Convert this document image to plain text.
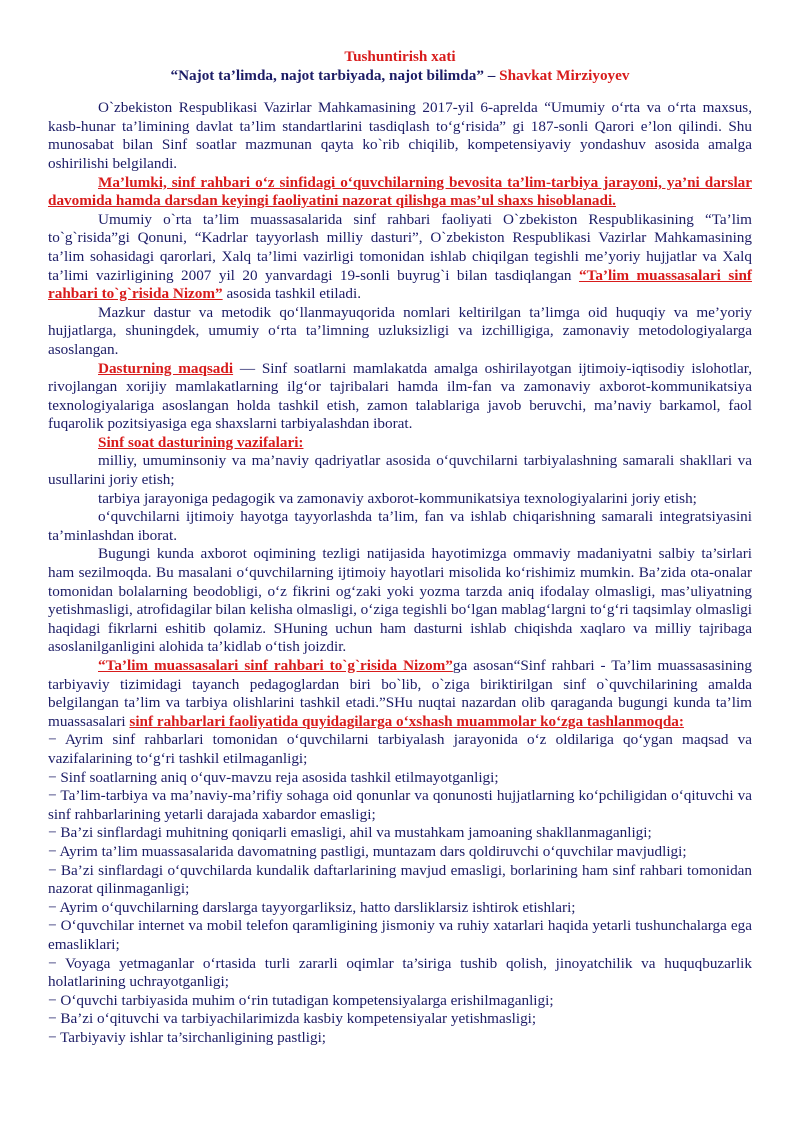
Tushuntirish xati

“Najot ta’limda, najot tarbiyada, najot bilimda” – Shavkat Mirziyoyev

O`zbekiston Respublikasi Vazirlar Mahkamasining 2017-yil 6-aprelda “Umumiy o‘rta va o‘rta maxsus, kasb-hunar ta’limining davlat ta’lim standartlarini tasdiqlash to‘g‘risida” gi 187-sonli Qarori e’lon qilindi. Shu munosabat bilan Sinf soatlar mazmunan qayta ko`rib chiqilib, kompetensiyaviy yondashuv asosida amalga oshirilishi belgilandi.

Ma’lumki, sinf rahbari o‘z sinfidagi o‘quvchilarning bevosita ta’lim-tarbiya jarayoni, ya’ni darslar davomida hamda darsdan keyingi faoliyatini nazorat qilishga mas’ul shaxs hisoblanadi.

Umumiy o`rta ta’lim muassasalarida sinf rahbari faoliyati O`zbekiston Respublikasining “Ta’lim to`g`risida”gi Qonuni, “Kadrlar tayyorlash milliy dasturi”, O`zbekiston Respublikasi Vazirlar Mahkamasining ta’lim sohasidagi qarorlari, Xalq ta’limi vazirligi tomonidan ishlab chiqilgan tegishli me’yoriy hujjatlar va Xalq ta’limi vazirligining 2007 yil 20 yanvardagi 19-sonli buyrug`i bilan tasdiqlangan “Ta’lim muassasalari sinf rahbari to`g`risida Nizom” asosida tashkil etiladi.

Mazkur dastur va metodik qo‘llanmayuqorida nomlari keltirilgan ta’limga oid huquqiy va me’yoriy hujjatlarga, shuningdek, umumiy o‘rta ta’limning uzluksizligi va izchilligiga, zamonaviy metodologiyalarga asoslangan.

Dasturning maqsadi — Sinf soatlarni mamlakatda amalga oshirilayotgan ijtimoiy-iqtisodiy islohotlar, rivojlangan xorijiy mamlakatlarning ilg‘or tajribalari hamda ilm-fan va zamonaviy axborot-kommunikatsiya texnologiyalariga asoslangan holda tashkil etish, zamon talablariga javob beruvchi, ma’naviy barkamol, faol fuqarolik pozitsiyasiga ega shaxslarni tarbiyalashdan iborat.

Sinf soat dasturining vazifalari:

milliy, umuminsoniy va ma’naviy qadriyatlar asosida o‘quvchilarni tarbiyalashning samarali shakllari va usullarini joriy etish;

tarbiya jarayoniga pedagogik va zamonaviy axborot-kommunikatsiya texnologiyalarini joriy etish;

o‘quvchilarni ijtimoiy hayotga tayyorlashda ta’lim, fan va ishlab chiqarishning samarali integratsiyasini ta’minlashdan iborat.

Bugungi kunda axborot oqimining tezligi natijasida hayotimizga ommaviy madaniyatni salbiy ta’sirlari ham sezilmoqda. Bu masalani o‘quvchilarning ijtimoiy hayotlari misolida ko‘rishimiz mumkin. Ba’zida ota-onalar tomonidan bolalarning beodobligi, o‘z fikrini og‘zaki yoki yozma tarzda aniq ifodalay olmasligi, mas’uliyatning yetishmasligi, atrofidagilar bilan kelisha olmasligi, o‘ziga tegishli bo‘lgan mablag‘largni to‘g‘ri taqsimlay olmasligi haqidagi fikrlarni eshitib qolamiz. SHuning uchun ham dasturni ishlab chiqishda xaqlaro va milliy tajribaga asoslanilganligini alohida ta’kidlab o‘tish joizdir.

“Ta’lim muassasalari sinf rahbari to`g`risida Nizom”ga asosan“Sinf rahbari - Ta’lim muassasasining tarbiyaviy tizimidagi tayanch pedagoglardan biri bo`lib, o`ziga biriktirilgan sinf o`quvchilarining amalda belgilangan ta’lim va tarbiya olishlarini tashkil etadi.”SHu nuqtai nazardan olib qaraganda bugungi kunda ta’lim muassasalari sinf rahbarlari faoliyatida quyidagilarga o‘xshash muammolar ko‘zga tashlanmoqda:

− Ayrim sinf rahbarlari tomonidan o‘quvchilarni tarbiyalash jarayonida o‘z oldilariga qo‘ygan maqsad va vazifalarining to‘g‘ri tashkil etilmaganligi;

− Sinf soatlarning aniq o‘quv-mavzu reja asosida tashkil etilmayotganligi;

− Ta’lim-tarbiya va ma’naviy-ma’rifiy sohaga oid qonunlar va qonunosti hujjatlarning ko‘pchiligidan o‘qituvchi va sinf rahbarlarining yetarli darajada xabardor emasligi;

− Ba’zi sinflardagi muhitning qoniqarli emasligi, ahil va mustahkam jamoaning shakllanmaganligi;

− Ayrim ta’lim muassasalarida davomatning pastligi, muntazam dars qoldiruvchi o‘quvchilar mavjudligi;

− Ba’zi sinflardagi o‘quvchilarda kundalik daftarlarining mavjud emasligi, borlarining ham sinf rahbari tomonidan nazorat qilinmaganligi;

− Ayrim o‘quvchilarning darslarga tayyorgarliksiz, hatto darsliklarsiz ishtirok etishlari;

− O‘quvchilar internet va mobil telefon qaramligining jismoniy va ruhiy xatarlari haqida yetarli tushunchalarga ega emasliklari;

− Voyaga yetmaganlar o‘rtasida turli zararli oqimlar ta’siriga tushib qolish, jinoyatchilik va huquqbuzarlik holatlarining uchrayotganligi;

− O‘quvchi tarbiyasida muhim o‘rin tutadigan kompetensiyalarga erishilmaganligi;

− Ba’zi o‘qituvchi va tarbiyachilarimizda kasbiy kompetensiyalar yetishmasligi;

− Tarbiyaviy ishlar ta’sirchanligining pastligi;
